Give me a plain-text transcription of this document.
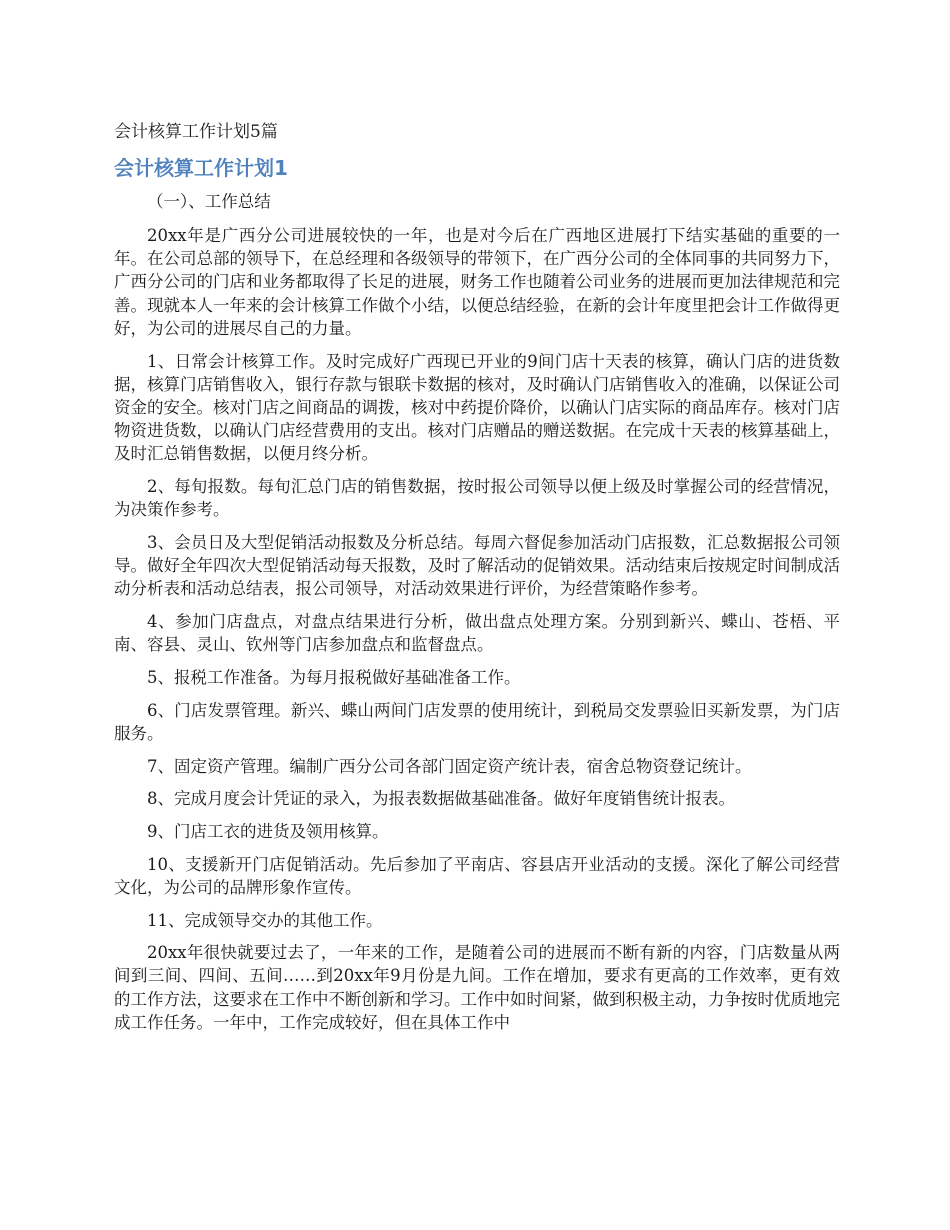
会计核算工作计划5篇
会计核算工作计划1
（一）、工作总结

20xx年是广西分公司进展较快的一年，也是对今后在广西地区进展打下结实基础的重要的一年。在公司总部的领导下，在总经理和各级领导的带领下，在广西分公司的全体同事的共同努力下，广西分公司的门店和业务都取得了长足的进展，财务工作也随着公司业务的进展而更加法律规范和完善。现就本人一年来的会计核算工作做个小结，以便总结经验，在新的会计年度里把会计工作做得更好，为公司的进展尽自己的力量。

1、日常会计核算工作。及时完成好广西现已开业的9间门店十天表的核算，确认门店的进货数据，核算门店销售收入，银行存款与银联卡数据的核对，及时确认门店销售收入的准确，以保证公司资金的安全。核对门店之间商品的调拨，核对中药提价降价，以确认门店实际的商品库存。核对门店物资进货数，以确认门店经营费用的支出。核对门店赠品的赠送数据。在完成十天表的核算基础上，及时汇总销售数据，以便月终分析。

2、每旬报数。每旬汇总门店的销售数据，按时报公司领导以便上级及时掌握公司的经营情况，为决策作参考。

3、会员日及大型促销活动报数及分析总结。每周六督促参加活动门店报数，汇总数据报公司领导。做好全年四次大型促销活动每天报数，及时了解活动的促销效果。活动结束后按规定时间制成活动分析表和活动总结表，报公司领导，对活动效果进行评价，为经营策略作参考。

4、参加门店盘点，对盘点结果进行分析，做出盘点处理方案。分别到新兴、蝶山、苍梧、平南、容县、灵山、钦州等门店参加盘点和监督盘点。

5、报税工作准备。为每月报税做好基础准备工作。

6、门店发票管理。新兴、蝶山两间门店发票的使用统计，到税局交发票验旧买新发票，为门店服务。

7、固定资产管理。编制广西分公司各部门固定资产统计表，宿舍总物资登记统计。

8、完成月度会计凭证的录入，为报表数据做基础准备。做好年度销售统计报表。

9、门店工衣的进货及领用核算。

10、支援新开门店促销活动。先后参加了平南店、容县店开业活动的支援。深化了解公司经营文化，为公司的品牌形象作宣传。

11、完成领导交办的其他工作。

20xx年很快就要过去了，一年来的工作，是随着公司的进展而不断有新的内容，门店数量从两间到三间、四间、五间……到20xx年9月份是九间。工作在增加，要求有更高的工作效率，更有效的工作方法，这要求在工作中不断创新和学习。工作中如时间紧，做到积极主动，力争按时优质地完成工作任务。一年中，工作完成较好，但在具体工作中
